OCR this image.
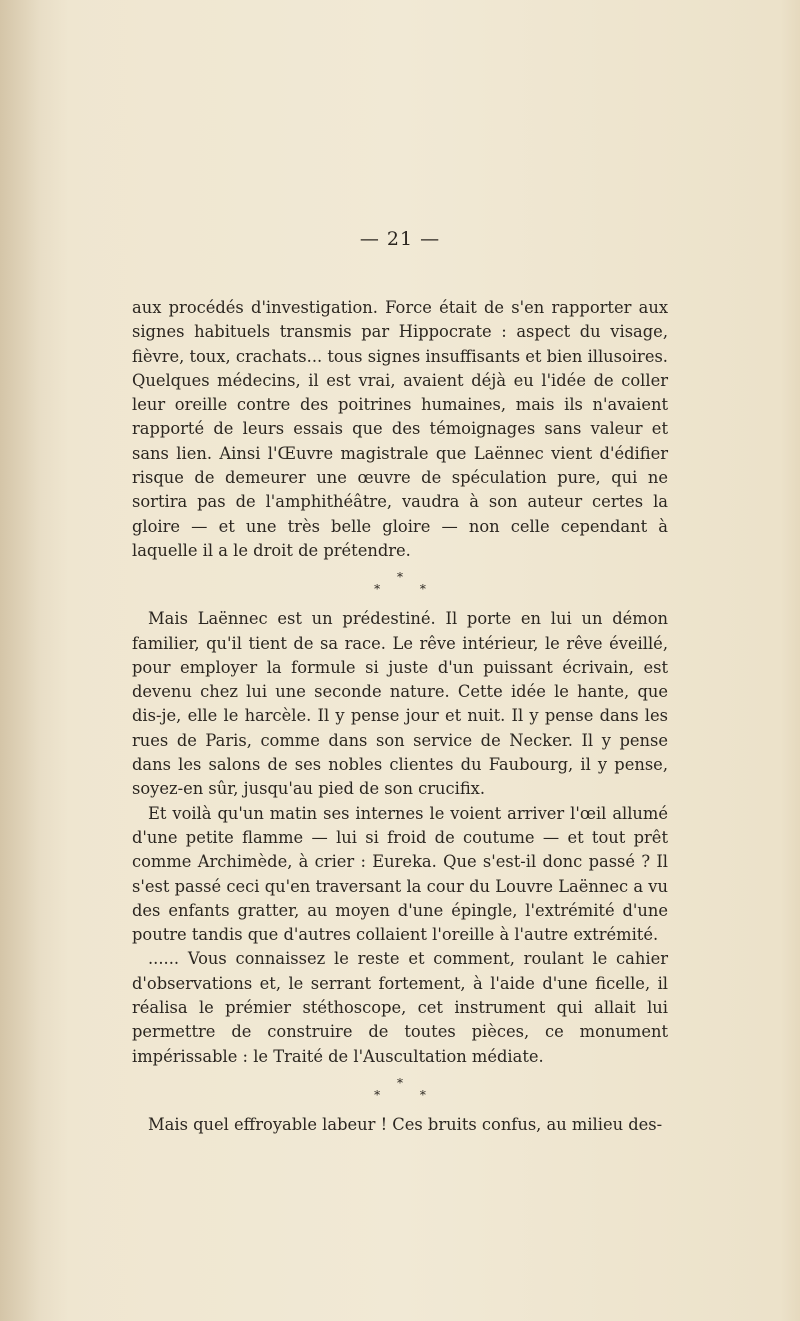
— 21 —

aux procédés d'investigation. Force était de s'en rapporter aux signes habituels transmis par Hippocrate : aspect du visage, fièvre, toux, crachats... tous signes insuffisants et bien illusoires. Quelques médecins, il est vrai, avaient déjà eu l'idée de coller leur oreille contre des poitrines humaines, mais ils n'avaient rapporté de leurs essais que des témoignages sans valeur et sans lien. Ainsi l'Œuvre magistrale que Laënnec vient d'édifier risque de demeurer une œuvre de spéculation pure, qui ne sortira pas de l'amphithéâtre, vaudra à son auteur certes la gloire — et une très belle gloire — non celle cependant à laquelle il a le droit de prétendre.

*
* *

Mais Laënnec est un prédestiné. Il porte en lui un démon familier, qu'il tient de sa race. Le rêve intérieur, le rêve éveillé, pour employer la formule si juste d'un puissant écrivain, est devenu chez lui une seconde nature. Cette idée le hante, que dis-je, elle le harcèle. Il y pense jour et nuit. Il y pense dans les rues de Paris, comme dans son service de Necker. Il y pense dans les salons de ses nobles clientes du Faubourg, il y pense, soyez-en sûr, jusqu'au pied de son crucifix.

Et voilà qu'un matin ses internes le voient arriver l'œil allumé d'une petite flamme — lui si froid de coutume — et tout prêt comme Archimède, à crier : Eureka. Que s'est-il donc passé ? Il s'est passé ceci qu'en traversant la cour du Louvre Laënnec a vu des enfants gratter, au moyen d'une épingle, l'extrémité d'une poutre tandis que d'autres collaient l'oreille à l'autre extrémité.

...... Vous connaissez le reste et comment, roulant le cahier d'observations et, le serrant fortement, à l'aide d'une ficelle, il réalisa le prémier stéthoscope, cet instrument qui allait lui permettre de construire de toutes pièces, ce monument impérissable : le Traité de l'Auscultation médiate.

*
* *

Mais quel effroyable labeur ! Ces bruits confus, au milieu des-
